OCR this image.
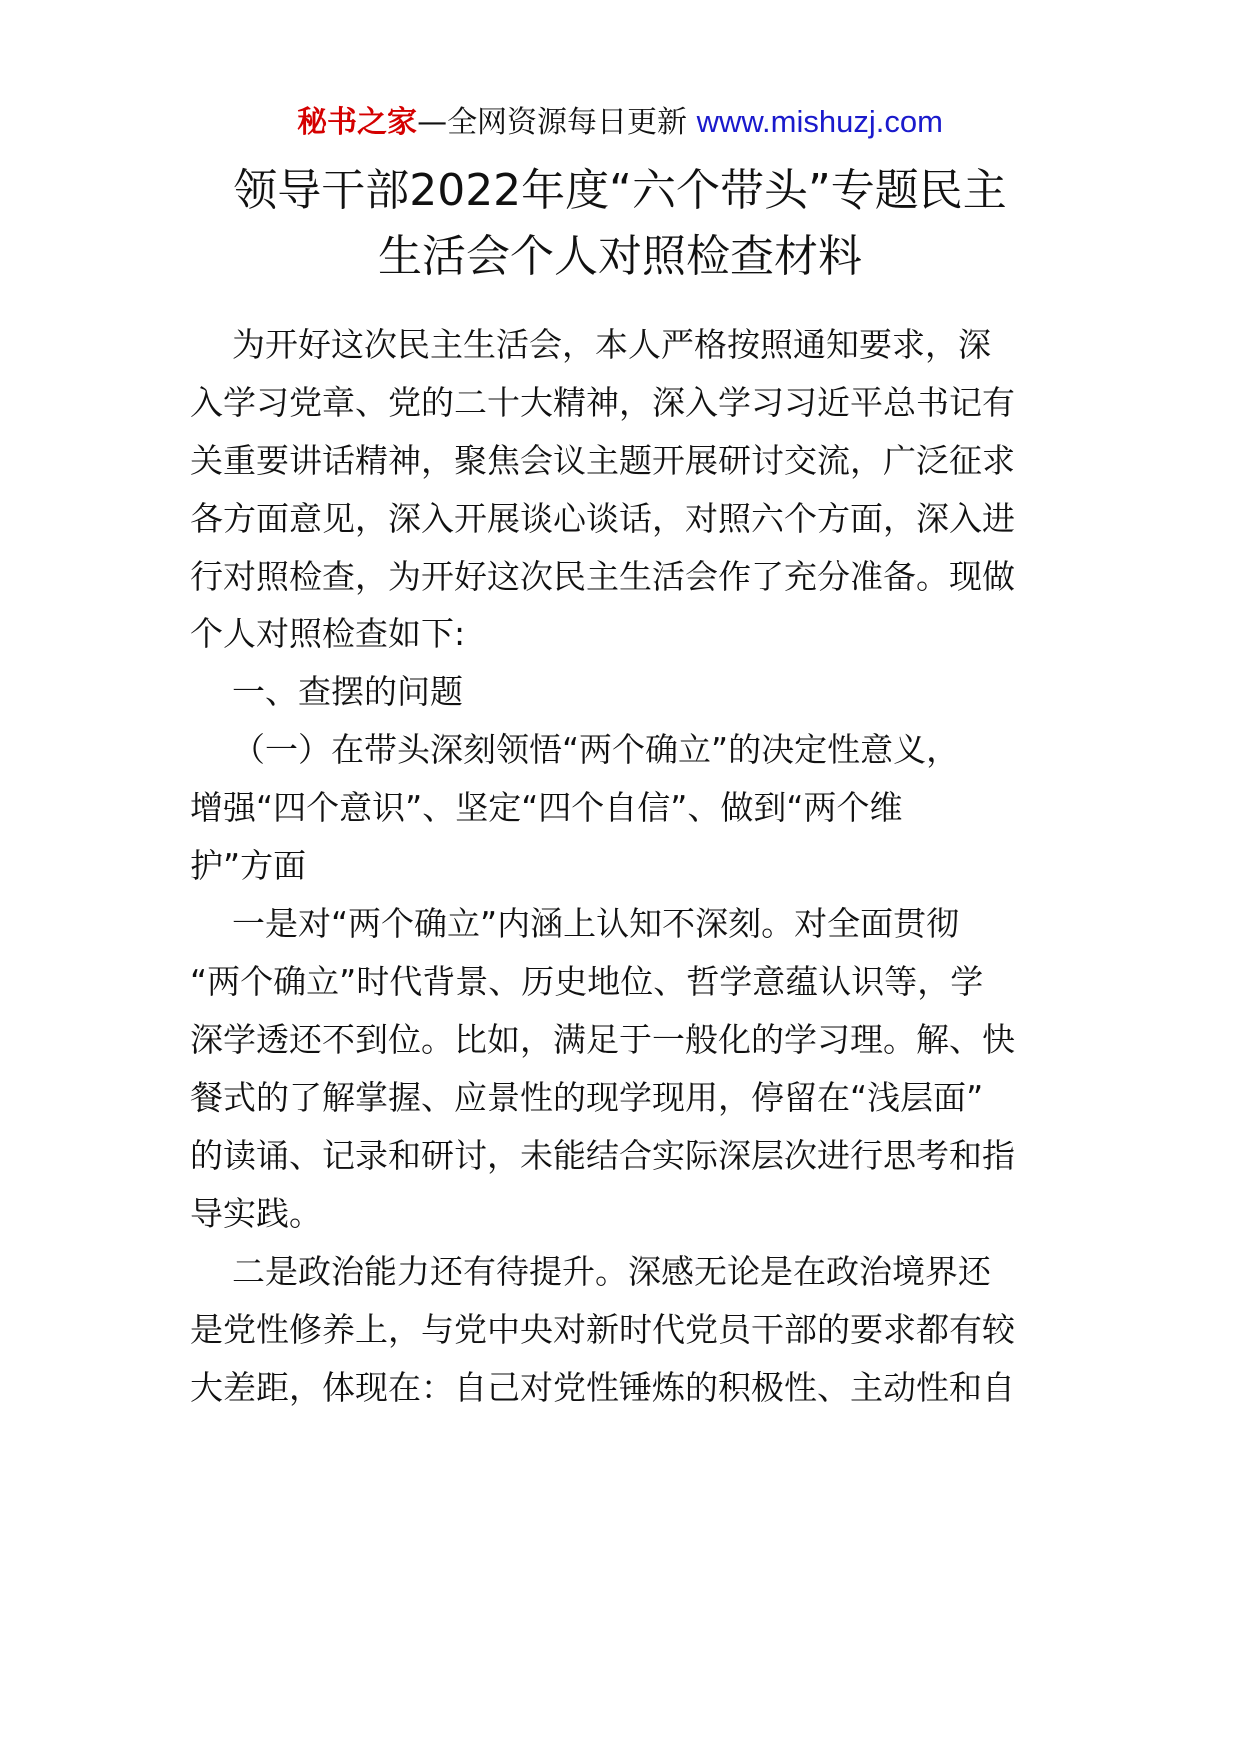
秘书之家—全网资源每日更新 www.mishuzj.com
领导干部2022年度“六个带头”专题民主
生活会个人对照检查材料
为开好这次民主生活会，本人严格按照通知要求，深
入学习党章、党的二十大精神，深入学习习近平总书记有
关重要讲话精神，聚焦会议主题开展研讨交流，广泛征求
各方面意见，深入开展谈心谈话，对照六个方面，深入进
行对照检查，为开好这次民主生活会作了充分准备。现做
个人对照检查如下:
一、查摆的问题
（一）在带头深刻领悟“两个确立”的决定性意义，
增强“四个意识”、坚定“四个自信”、做到“两个维
护”方面
一是对“两个确立”内涵上认知不深刻。对全面贯彻
“两个确立”时代背景、历史地位、哲学意蕴认识等，学
深学透还不到位。比如，满足于一般化的学习理。解、快
餐式的了解掌握、应景性的现学现用，停留在“浅层面”
的读诵、记录和研讨，未能结合实际深层次进行思考和指
导实践。
二是政治能力还有待提升。深感无论是在政治境界还
是党性修养上，与党中央对新时代党员干部的要求都有较
大差距，体现在：自己对党性锤炼的积极性、主动性和自
